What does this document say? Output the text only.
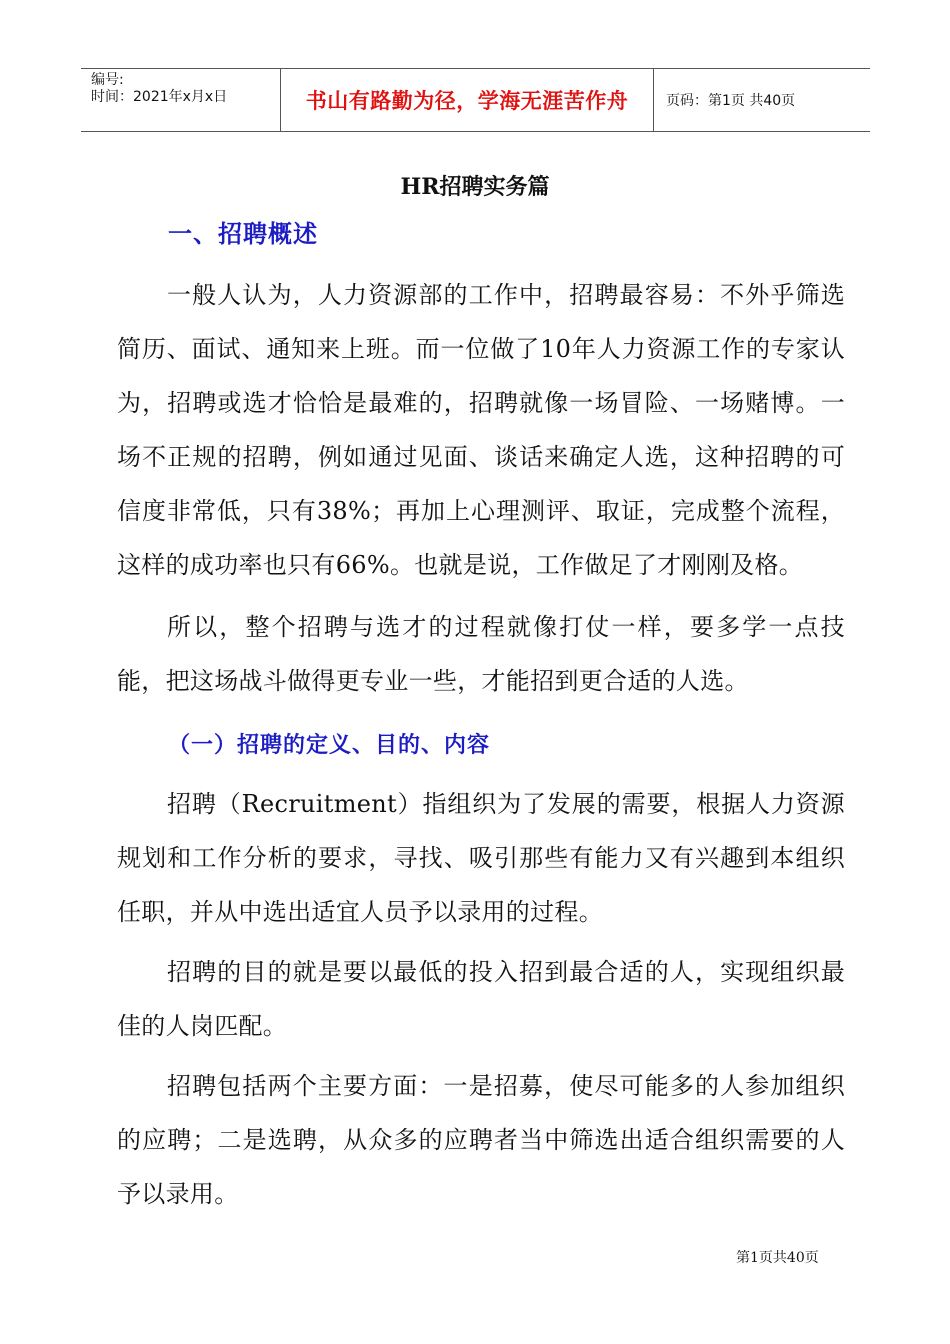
编号:
时间：2021年x月x日	书山有路勤为径，学海无涯苦作舟	页码：第1页 共40页
HR招聘实务篇
一、招聘概述

一般人认为，人力资源部的工作中，招聘最容易：不外乎筛选简历、面试、通知来上班。而一位做了10年人力资源工作的专家认为，招聘或选才恰恰是最难的，招聘就像一场冒险、一场赌博。一场不正规的招聘，例如通过见面、谈话来确定人选，这种招聘的可信度非常低，只有38%；再加上心理测评、取证，完成整个流程，这样的成功率也只有66%。也就是说，工作做足了才刚刚及格。

所以，整个招聘与选才的过程就像打仗一样，要多学一点技能，把这场战斗做得更专业一些，才能招到更合适的人选。

（一）招聘的定义、目的、内容

招聘（Recruitment）指组织为了发展的需要，根据人力资源规划和工作分析的要求，寻找、吸引那些有能力又有兴趣到本组织任职，并从中选出适宜人员予以录用的过程。

招聘的目的就是要以最低的投入招到最合适的人，实现组织最佳的人岗匹配。

招聘包括两个主要方面：一是招募，使尽可能多的人参加组织的应聘；二是选聘，从众多的应聘者当中筛选出适合组织需要的人予以录用。

第1页共40页
